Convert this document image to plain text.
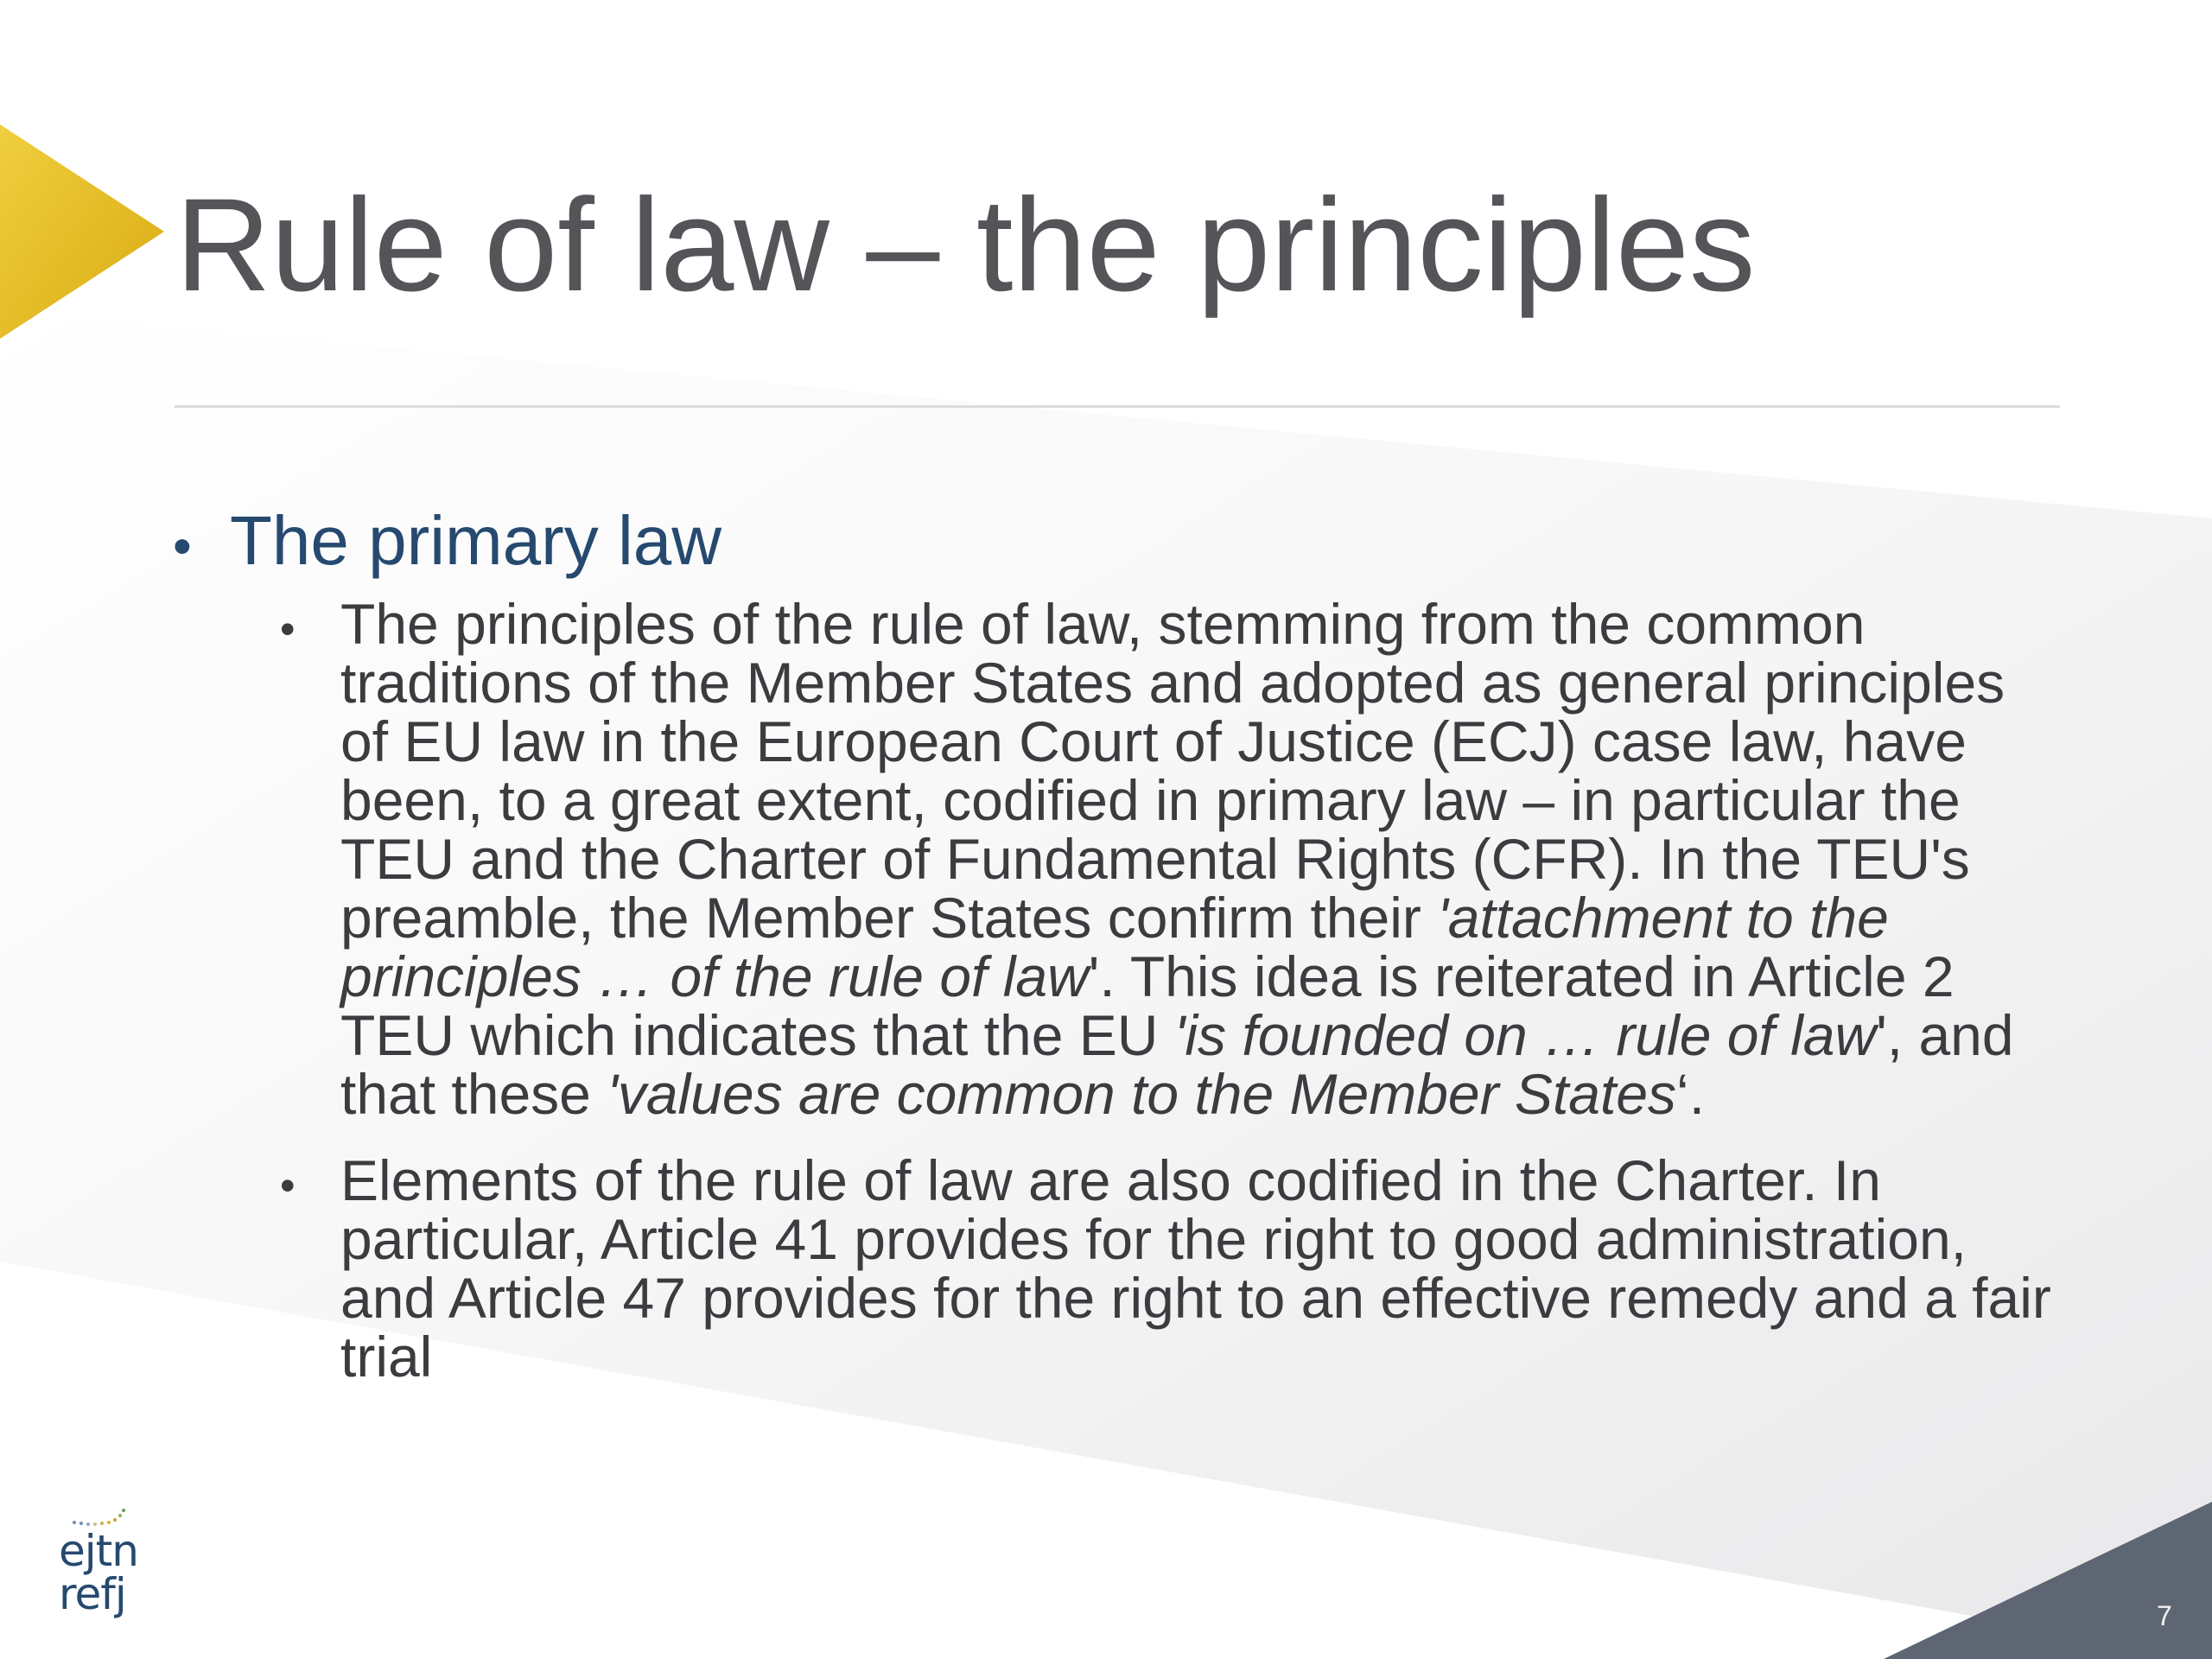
Rule of law – the principles
• The primary law
• The principles of the rule of law, stemming from the common traditions of the Member States and adopted as general principles of EU law in the European Court of Justice (ECJ) case law, have been, to a great extent, codified in primary law – in particular the TEU and the Charter of Fundamental Rights (CFR). In the TEU's preamble, the Member States confirm their 'attachment to the principles … of the rule of law'. This idea is reiterated in Article 2 TEU which indicates that the EU 'is founded on … rule of law', and that these 'values are common to the Member States‘.
• Elements of the rule of law are also codified in the Charter. In particular, Article 41 provides for the right to good administration, and Article 47 provides for the right to an effective remedy and a fair trial
ejtn
refj	7
